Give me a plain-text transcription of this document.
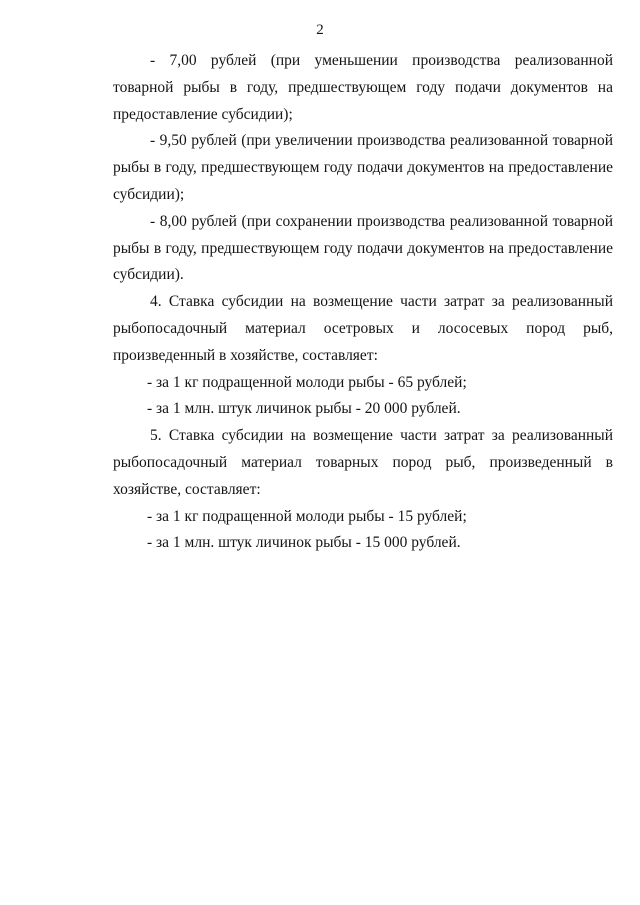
2

- 7,00 рублей (при уменьшении производства реализованной товарной рыбы в году, предшествующем году подачи документов на предоставление субсидии);

- 9,50 рублей (при увеличении производства реализованной товарной рыбы в году, предшествующем году подачи документов на предоставление субсидии);

- 8,00 рублей (при сохранении производства реализованной товарной рыбы в году, предшествующем году подачи документов на предоставление субсидии).

4. Ставка субсидии на возмещение части затрат за реализованный рыбопосадочный материал осетровых и лососевых пород рыб, произведенный в хозяйстве, составляет:

- за 1 кг подращенной молоди рыбы - 65 рублей;

- за 1 млн. штук личинок рыбы - 20 000 рублей.

5. Ставка субсидии на возмещение части затрат за реализованный рыбопосадочный материал товарных пород рыб, произведенный в хозяйстве, составляет:

- за 1 кг подращенной молоди рыбы - 15 рублей;

- за 1 млн. штук личинок рыбы - 15 000 рублей.
